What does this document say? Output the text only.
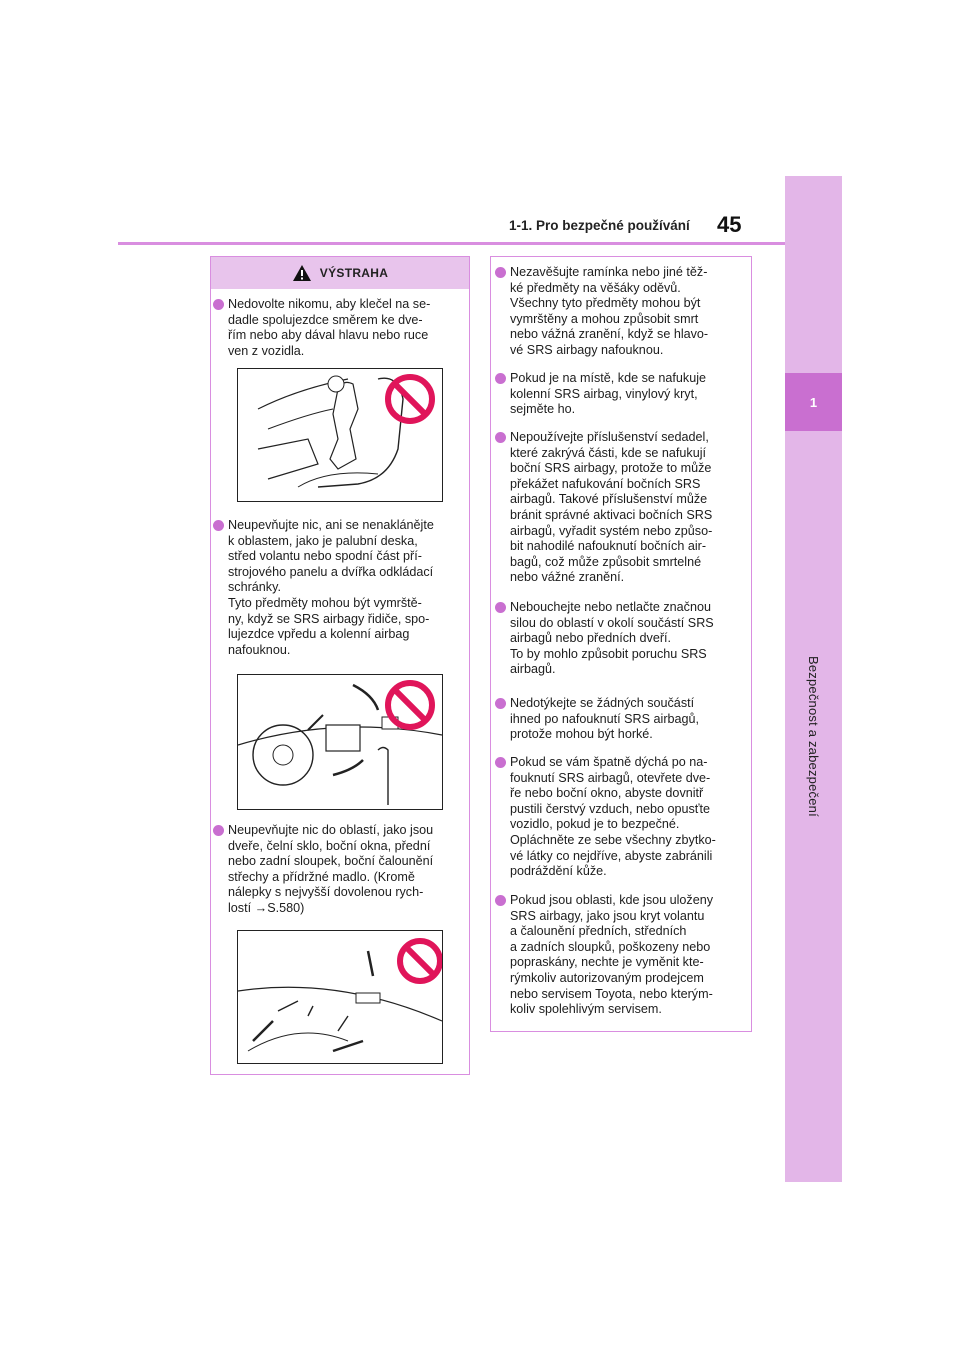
1
Bezpečnost a zabezpečení
1-1. Pro bezpečné používání 45
VÝSTRAHA
Nedovolte nikomu, aby klečel na se-
dadle spolujezdce směrem ke dve-
řím nebo aby dával hlavu nebo ruce
ven z vozidla.
Neupevňujte nic, ani se nenaklánějte
k oblastem, jako je palubní deska,
střed volantu nebo spodní část pří-
strojového panelu a dvířka odkládací
schránky.
Tyto předměty mohou být vymrště-
ny, když se SRS airbagy řidiče, spo-
lujezdce vpředu a kolenní airbag
nafouknou.
Neupevňujte nic do oblastí, jako jsou
dveře, čelní sklo, boční okna, přední
nebo zadní sloupek, boční čalounění
střechy a přídržné madlo. (Kromě
nálepky s nejvyšší dovolenou rych-
lostí →S.580)
Nezavěšujte ramínka nebo jiné těž-
ké předměty na věšáky oděvů.
Všechny tyto předměty mohou být
vymrštěny a mohou způsobit smrt
nebo vážná zranění, když se hlavo-
vé SRS airbagy nafouknou.
Pokud je na místě, kde se nafukuje
kolenní SRS airbag, vinylový kryt,
sejměte ho.
Nepoužívejte příslušenství sedadel,
které zakrývá části, kde se nafukují
boční SRS airbagy, protože to může
překážet nafukování bočních SRS
airbagů. Takové příslušenství může
bránit správné aktivaci bočních SRS
airbagů, vyřadit systém nebo způso-
bit nahodilé nafouknutí bočních air-
bagů, což může způsobit smrtelné
nebo vážné zranění.
Nebouchejte nebo netlačte značnou
silou do oblastí v okolí součástí SRS
airbagů nebo předních dveří.
To by mohlo způsobit poruchu SRS
airbagů.
Nedotýkejte se žádných součástí
ihned po nafouknutí SRS airbagů,
protože mohou být horké.
Pokud se vám špatně dýchá po na-
fouknutí SRS airbagů, otevřete dve-
ře nebo boční okno, abyste dovnitř
pustili čerstvý vzduch, nebo opusťte
vozidlo, pokud je to bezpečné.
Opláchněte ze sebe všechny zbytko-
vé látky co nejdříve, abyste zabránili
podráždění kůže.
Pokud jsou oblasti, kde jsou uloženy
SRS airbagy, jako jsou kryt volantu
a čalounění předních, středních
a zadních sloupků, poškozeny nebo
popraskány, nechte je vyměnit kte-
rýmkoliv autorizovaným prodejcem
nebo servisem Toyota, nebo kterým-
koliv spolehlivým servisem.
